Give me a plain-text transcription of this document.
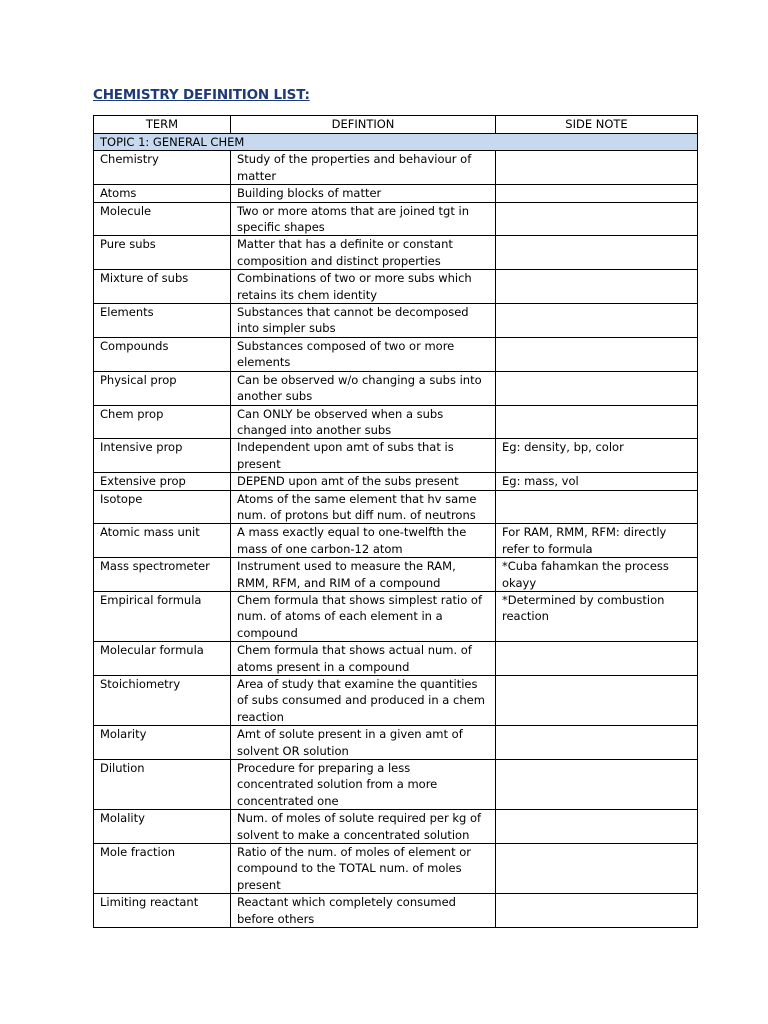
CHEMISTRY DEFINITION LIST:
TERM	DEFINTION	SIDE NOTE
TOPIC 1: GENERAL CHEM		
Chemistry	Study of the properties and behaviour of matter	
Atoms	Building blocks of matter	
Molecule	Two or more atoms that are joined tgt in specific shapes	
Pure subs	Matter that has a definite or constant composition and distinct properties	
Mixture of subs	Combinations of two or more subs which retains its chem identity	
Elements	Substances that cannot be decomposed into simpler subs	
Compounds	Substances composed of two or more elements	
Physical prop	Can be observed w/o changing a subs into another subs	
Chem prop	Can ONLY be observed when a subs changed into another subs	
Intensive prop	Independent upon amt of subs that is present	Eg: density, bp, color
Extensive prop	DEPEND upon amt of the subs present	Eg: mass, vol
Isotope	Atoms of the same element that hv same num. of protons but diff num. of neutrons	
Atomic mass unit	A mass exactly equal to one-twelfth the mass of one carbon-12 atom	For RAM, RMM, RFM: directly refer to formula
Mass spectrometer	Instrument used to measure the RAM, RMM, RFM, and RIM of a compound	*Cuba fahamkan the process okayy
Empirical formula	Chem formula that shows simplest ratio of num. of atoms of each element in a compound	*Determined by combustion reaction
Molecular formula	Chem formula that shows actual num. of atoms present in a compound	
Stoichiometry	Area of study that examine the quantities of subs consumed and produced in a chem reaction	
Molarity	Amt of solute present in a given amt of solvent OR solution	
Dilution	Procedure for preparing a less concentrated solution from a more concentrated one	
Molality	Num. of moles of solute required per kg of solvent to make a concentrated solution	
Mole fraction	Ratio of the num. of moles of element or compound to the TOTAL num. of moles present	
Limiting reactant	Reactant which completely consumed before others	
